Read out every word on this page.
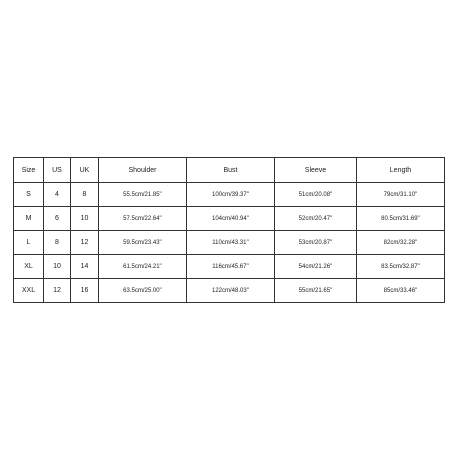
Size	US	UK	Shoulder	Bust	Sleeve	Length
S	4	8	55.5cm/21.85''	100cm/39.37''	51cm/20.08''	79cm/31.10''
M	6	10	57.5cm/22.64''	104cm/40.94''	52cm/20.47''	80.5cm/31.69''
L	8	12	59.5cm/23.43''	110cm/43.31''	53cm/20.87''	82cm/32.28''
XL	10	14	61.5cm/24.21''	116cm/45.67''	54cm/21.26''	83.5cm/32.87''
XXL	12	16	63.5cm/25.00''	122cm/48.03''	55cm/21.65''	85cm/33.46''
